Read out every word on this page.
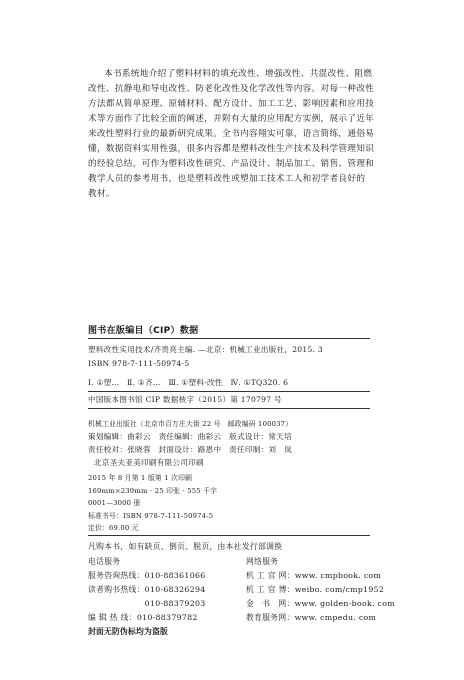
本书系统地介绍了塑料材料的填充改性、增强改性、共混改性、阻燃
改性、抗静电和导电改性、防老化改性及化学改性等内容。对每一种改性
方法都从简单原理、原辅材料、配方设计、加工工艺、影响因素和应用技
术等方面作了比较全面的阐述，并附有大量的应用配方实例，展示了近年
来改性塑料行业的最新研究成果。全书内容翔实可靠，语言简练，通俗易
懂，数据资料实用性强，很多内容都是塑料改性生产技术及科学管理知识
的经验总结，可作为塑料改性研究、产品设计、制品加工、销售、管理和
教学人员的参考用书，也是塑料改性或塑加工技术工人和初学者良好的
教材。
图书在版编目（CIP）数据
塑料改性实用技术/齐贵亮主编. —北京：机械工业出版社，2015. 3
ISBN 978-7-111-50974-5
Ⅰ. ①塑…　Ⅱ. ①齐…　Ⅲ. ①塑料-改性　Ⅳ. ①TQ320. 6
中国版本图书馆 CIP 数据核字（2015）第 170797 号
机械工业出版社（北京市百万庄大街 22 号　邮政编码 100037）
策划编辑：曲彩云　责任编辑：曲彩云　版式设计：常天培
责任校对：张晓蓉　封面设计：路恩中　责任印制：刘　岚
北京圣夫亚美印刷有限公司印刷
2015 年 8 月第 1 版第 1 次印刷
169mm×239mm · 25 印张 · 555 千字
0001—3000 册
标准书号：ISBN 978-7-111-50974-5
定价：69.00 元
凡购本书，如有缺页、倒页、脱页，由本社发行部调换
电话服务	网络服务
服务咨询热线：010-88361066
读者购书热线：010-68326294
　　　　　　　010-88379203
编 辑 热 线：010-88379782
机 工 官 网：www. cmpbook. com
机 工 官 博：weibo. com/cmp1952
金　书　网：www. golden-book. com
教育服务网：www. cmpedu. com
封面无防伪标均为盗版
